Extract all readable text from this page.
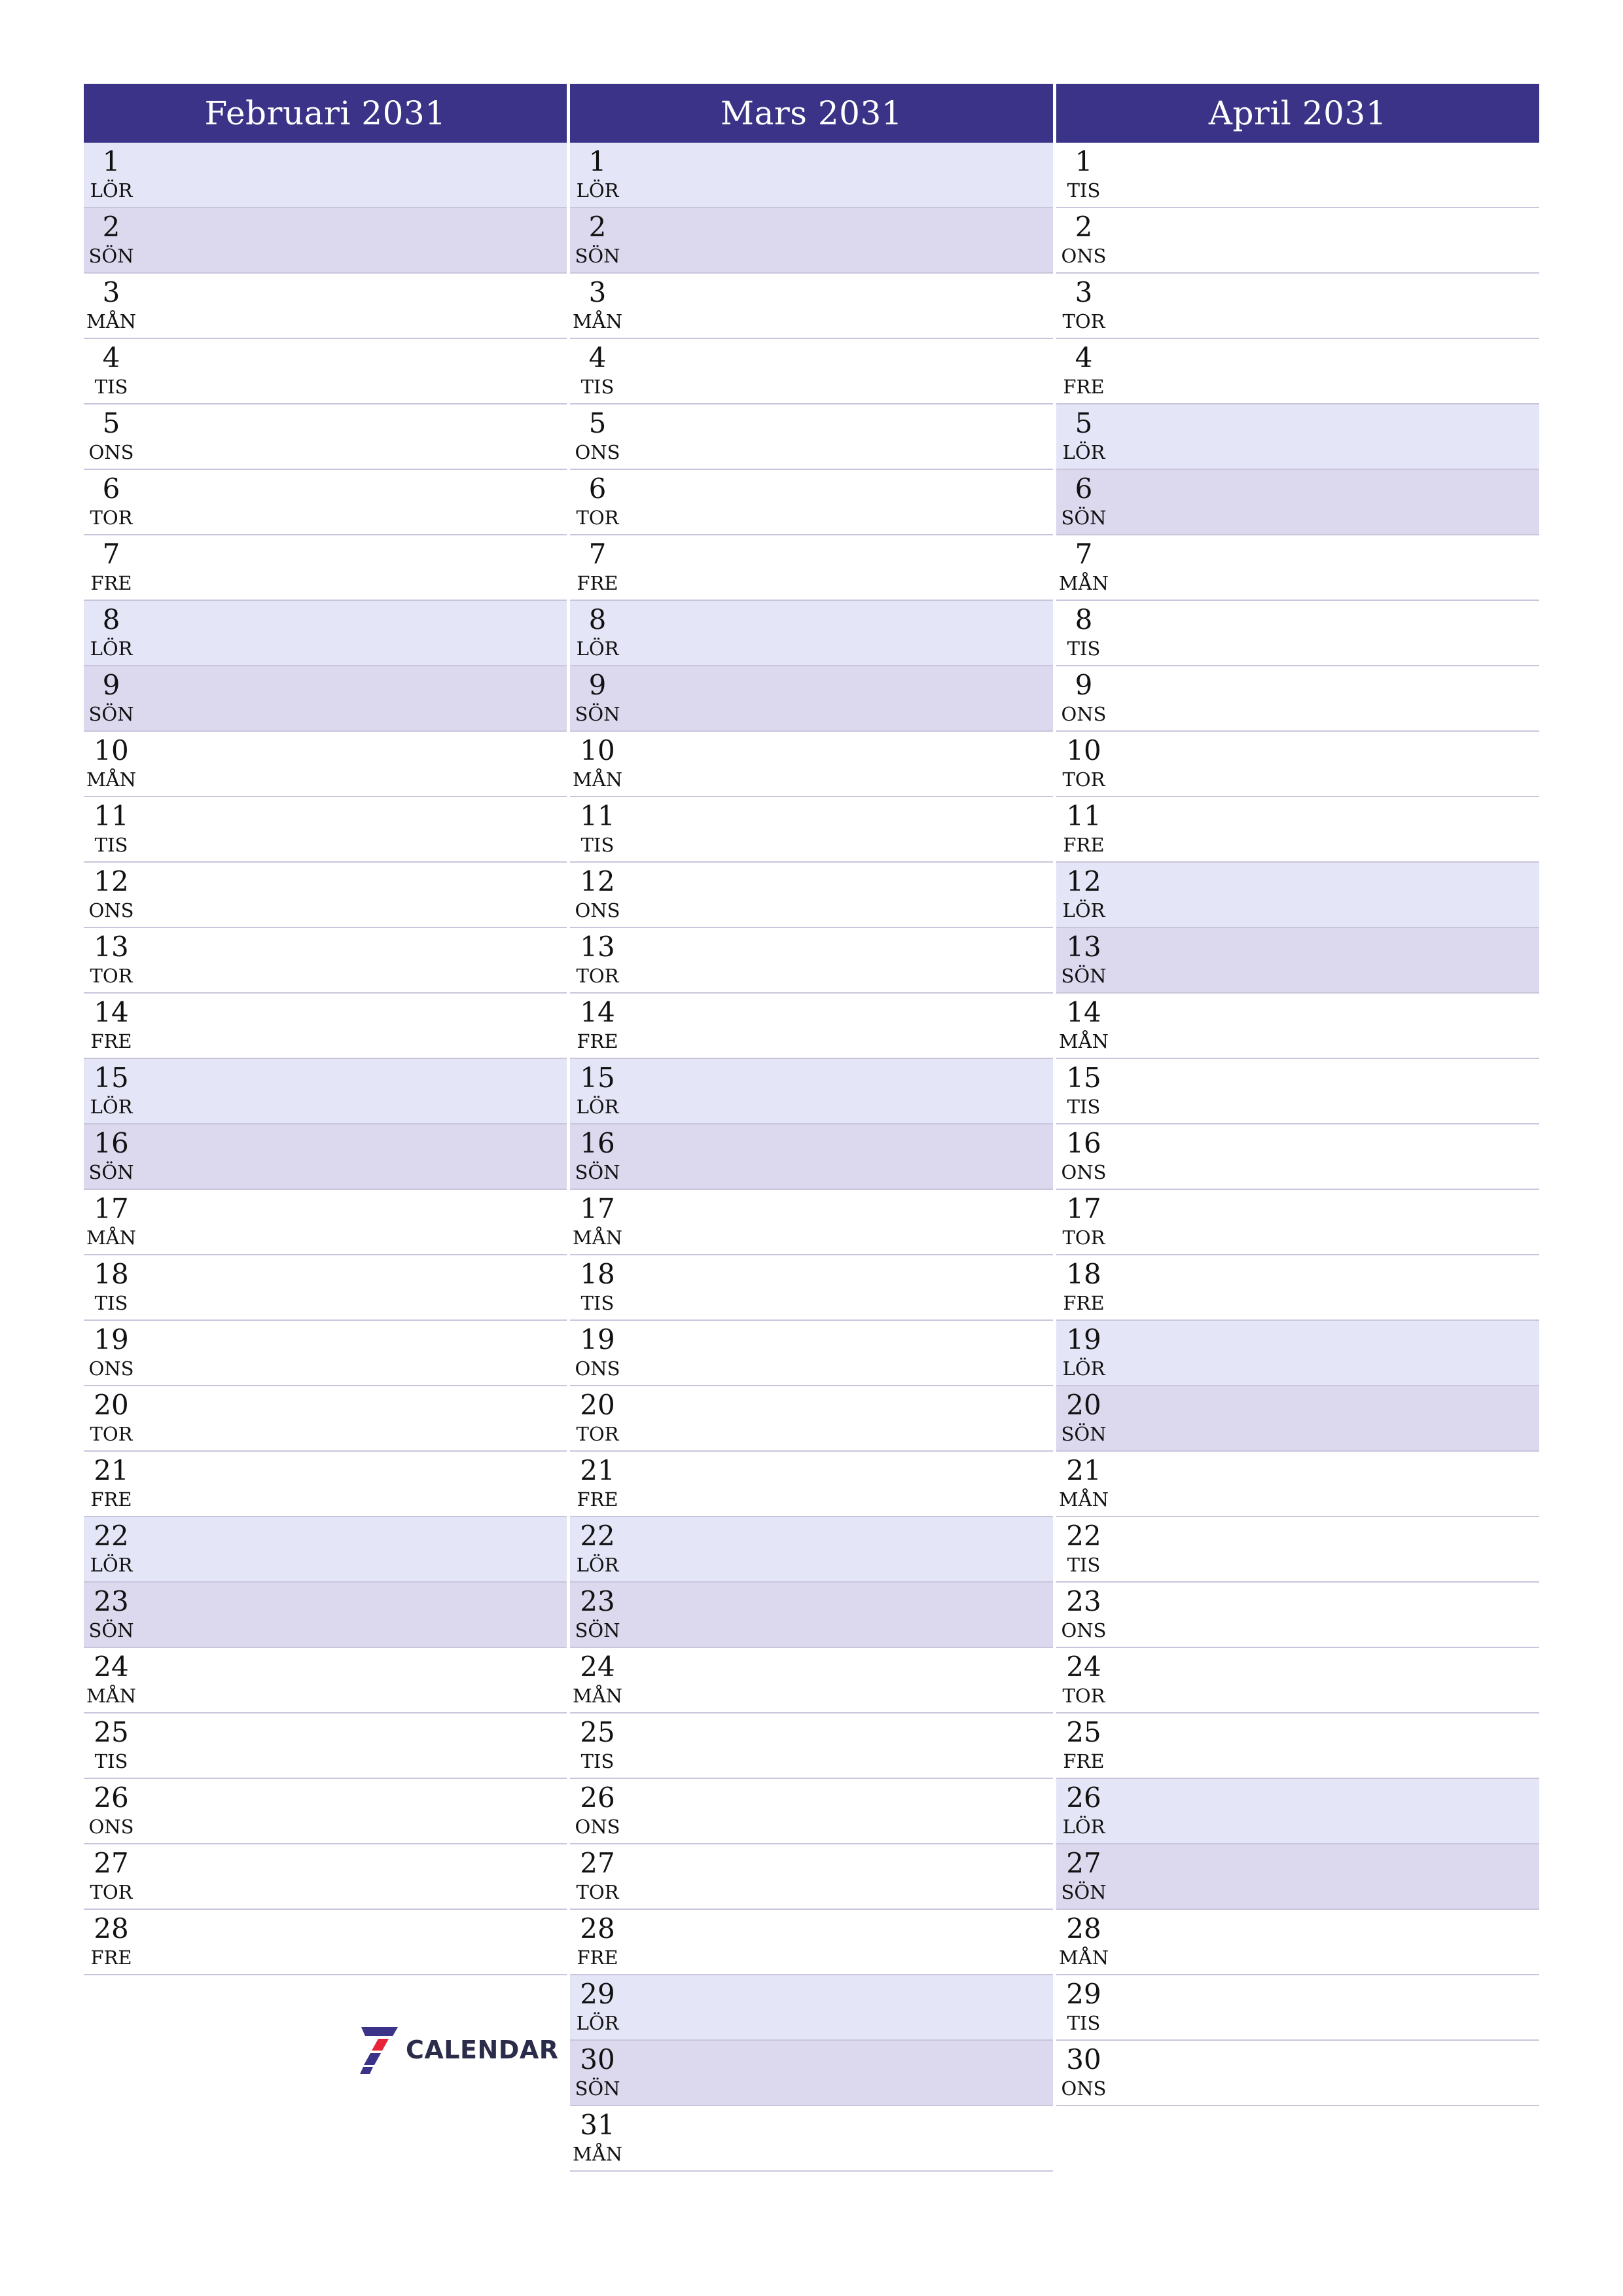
Februari 2031
1
LÖR
2
SÖN
3
MÅN
4
TIS
5
ONS
6
TOR
7
FRE
8
LÖR
9
SÖN
10
MÅN
11
TIS
12
ONS
13
TOR
14
FRE
15
LÖR
16
SÖN
17
MÅN
18
TIS
19
ONS
20
TOR
21
FRE
22
LÖR
23
SÖN
24
MÅN
25
TIS
26
ONS
27
TOR
28
FRE
Mars 2031
1
LÖR
2
SÖN
3
MÅN
4
TIS
5
ONS
6
TOR
7
FRE
8
LÖR
9
SÖN
10
MÅN
11
TIS
12
ONS
13
TOR
14
FRE
15
LÖR
16
SÖN
17
MÅN
18
TIS
19
ONS
20
TOR
21
FRE
22
LÖR
23
SÖN
24
MÅN
25
TIS
26
ONS
27
TOR
28
FRE
29
LÖR
30
SÖN
31
MÅN
April 2031
1
TIS
2
ONS
3
TOR
4
FRE
5
LÖR
6
SÖN
7
MÅN
8
TIS
9
ONS
10
TOR
11
FRE
12
LÖR
13
SÖN
14
MÅN
15
TIS
16
ONS
17
TOR
18
FRE
19
LÖR
20
SÖN
21
MÅN
22
TIS
23
ONS
24
TOR
25
FRE
26
LÖR
27
SÖN
28
MÅN
29
TIS
30
ONS
CALENDAR
